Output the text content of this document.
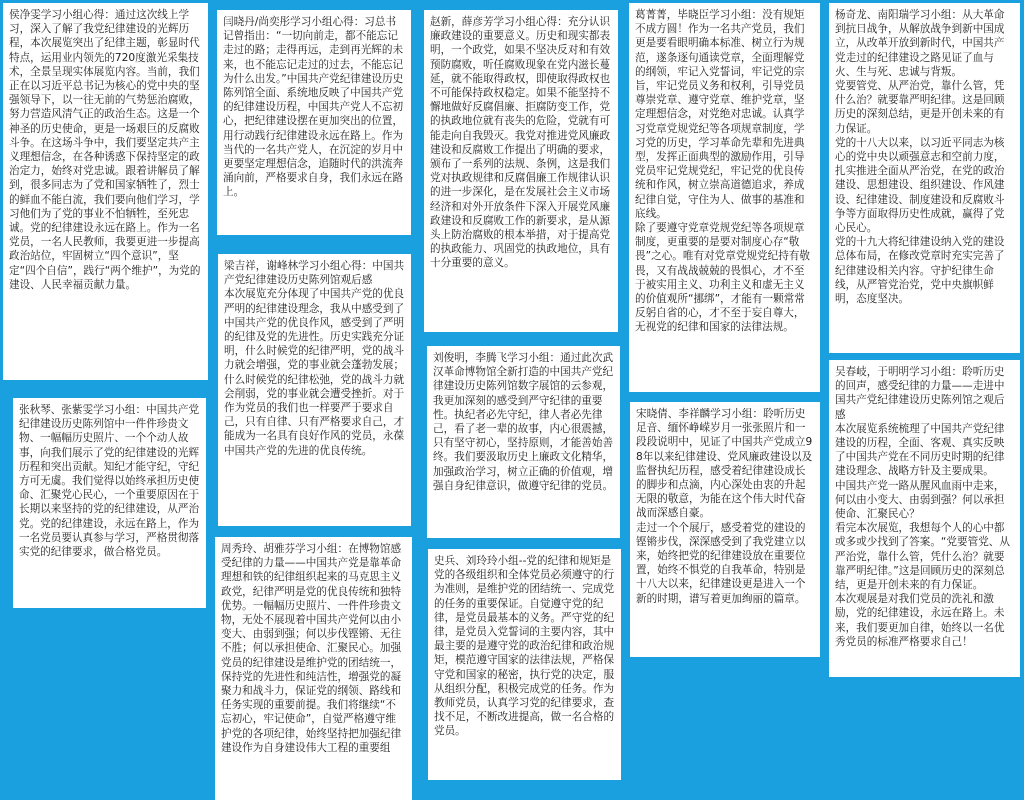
侯净雯学习小组心得：通过这次线上学习，深入了解了我党纪律建设的光辉历程，本次展览突出了纪律主题，彰显时代特点，运用业内领先的720度激光采集技术，全景呈现实体展览内容。当前，我们正在以习近平总书记为核心的党中央的坚强领导下，以一往无前的气势惩治腐败，努力营造风清气正的政治生态。这是一个神圣的历史使命，更是一场艰巨的反腐败斗争。在这场斗争中，我们要坚定共产主义理想信念，在各种诱惑下保持坚定的政治定力，始终对党忠诚。跟着讲解员了解到，很多同志为了党和国家牺牲了，烈士的鲜血不能白流，我们要向他们学习，学习他们为了党的事业不怕牺牲，至死忠诚。党的纪律建设永远在路上。作为一名党员，一名人民教师，我要更进一步提高政治站位，牢固树立“四个意识”，坚定“四个自信”，践行“两个维护”，为党的建设、人民幸福贡献力量。

张秋琴、张紫雯学习小组：中国共产党纪律建设历史陈列馆中一件件珍贵文物、一幅幅历史照片、一个个动人故事，向我们展示了党的纪律建设的光辉历程和突出贡献。知纪才能守纪，守纪方可无虞。我们觉得以始终承担历史使命、汇聚党心民心，一个重要原因在于长期以来坚持的党的纪律建设，从严治党。党的纪律建设，永远在路上，作为一名党员要认真参与学习，严格贯彻落实党的纪律要求，做合格党员。

闫晓丹/尚奕彤学习小组心得：习总书记曾指出：“一切向前走，都不能忘记走过的路；走得再远，走到再光辉的未来，也不能忘记走过的过去，不能忘记为什么出发。”中国共产党纪律建设历史陈列馆全面、系统地反映了中国共产党的纪律建设历程，中国共产党人不忘初心，把纪律建设摆在更加突出的位置，用行动践行纪律建设永远在路上。作为当代的一名共产党人，在沉淀的岁月中更要坚定理想信念，追随时代的洪流奔涌向前，严格要求自身，我们永远在路上。

梁吉祥，谢峰林学习小组心得：中国共产党纪律建设历史陈列馆观后感
本次展览充分体现了中国共产党的优良严明的纪律建设理念，我从中感受到了中国共产党的优良作风，感受到了严明的纪律及党的先进性。历史实践充分证明，什么时候党的纪律严明，党的战斗力就会增强，党的事业就会蓬勃发展；什么时候党的纪律松弛，党的战斗力就会削弱，党的事业就会遭受挫折。对于作为党员的我们也一样要严于要求自己，只有自律、只有严格要求自己，才能成为一名具有良好作风的党员，永葆中国共产党的先进的优良传统。

周秀玲、胡雅芬学习小组：在博物馆感受纪律的力量——中国共产党是靠革命理想和铁的纪律组织起来的马克思主义政党，纪律严明是党的优良传统和独特优势。一幅幅历史照片、一件件珍贵文物，无处不展现着中国共产党何以由小变大、由弱到强；何以步伐铿锵、无往不胜；何以承担使命、汇聚民心。加强党员的纪律建设是维护党的团结统一，保持党的先进性和纯洁性，增强党的凝聚力和战斗力，保证党的纲领、路线和任务实现的重要前提。我们将继续“不忘初心，牢记使命”，自觉严格遵守维护党的各项纪律，始终坚持把加强纪律建设作为自身建设伟大工程的重要组

赵新，薛彦芳学习小组心得：充分认识廉政建设的重要意义。历史和现实都表明，一个政党，如果不坚决反对和有效预防腐败，听任腐败现象在党内滋长蔓延，就不能取得政权，即使取得政权也不可能保持政权稳定。如果不能坚持不懈地做好反腐倡廉、拒腐防变工作，党的执政地位就有丧失的危险，党就有可能走向自我毁灭。我党对推进党风廉政建设和反腐败工作提出了明确的要求，颁布了一系列的法规、条例，这是我们党对执政规律和反腐倡廉工作规律认识的进一步深化，是在发展社会主义市场经济和对外开放条件下深入开展党风廉政建设和反腐败工作的新要求，是从源头上防治腐败的根本举措，对于提高党的执政能力、巩固党的执政地位，具有十分重要的意义。

刘俊明，李腾飞学习小组：通过此次武汉革命博物馆全新打造的中国共产党纪律建设历史陈列馆数字展馆的云参观，我更加深刻的感受到严守纪律的重要性。执纪者必先守纪，律人者必先律己，看了老一辈的故事，内心很震撼，只有坚守初心，坚持原则，才能善始善终。我们要汲取历史上廉政文化精华，加强政治学习，树立正确的价值观，增强自身纪律意识，做遵守纪律的党员。

史兵、刘玲玲小组--党的纪律和规矩是党的各级组织和全体党员必须遵守的行为准则，是维护党的团结统一、完成党的任务的重要保证。自觉遵守党的纪律，是党员最基本的义务。严守党的纪律，是党员入党誓词的主要内容，其中最主要的是遵守党的政治纪律和政治规矩，模范遵守国家的法律法规，严格保守党和国家的秘密，执行党的决定，服从组织分配，积极完成党的任务。作为教师党员，认真学习党的纪律要求，查找不足，不断改进提高，做一名合格的党员。

葛菁菁，毕晓臣学习小组：没有规矩不成方圆！作为一名共产党员，我们更是要看眼明确本标准、树立行为规范，遂条逐句通读党章，全面理解党的纲领，牢记入党誓词，牢记党的宗旨，牢记党员义务和权利，引导党员尊崇党章、遵守党章、维护党章，坚定理想信念，对党绝对忠诚。认真学习党章党规党纪等各项规章制度，学习党的历史，学习革命先辈和先进典型，发挥正面典型的激励作用，引导党员牢记党规党纪，牢记党的优良传统和作风，树立崇高道德追求，养成纪律自觉，守住为人、做事的基准和底线。
除了要遵守党章党规党纪等各项规章制度，更重要的是要对制度心存“敬畏”之心。唯有对党章党规党纪持有敬畏，又有战战兢兢的畏惧心，才不至于被实用主义、功利主义和虚无主义的价值观所“挪绑”，才能有一颗常常反躬自省的心，才不至于妄自尊大，无视党的纪律和国家的法律法规。

宋晓倩、李祥麟学习小组：聆听历史足音、缅怀峥嵘岁月一张张照片和一段段说明中，见证了中国共产党成立98年以来纪律建设、党风廉政建设以及监督执纪历程，感受着纪律建设成长的脚步和点滴，内心深处由衷的升起无限的敬意，为能在这个伟大时代奋战而深感自豪。
走过一个个展厅，感受着党的建设的铿锵步伐，深深感受到了我党建立以来，始终把党的纪律建设放在重要位置，始终不惧党的自我革命，特别是十八大以来，纪律建设更是进入一个新的时期，谱写着更加绚丽的篇章。

杨奇龙、南阳瑞学习小组：从大革命到抗日战争，从解放战争到新中国成立，从改革开放到新时代，中国共产党走过的纪律建设之路见证了血与火、生与死、忠诚与背叛。
党要管党、从严治党，靠什么管，凭什么治？就要靠严明纪律。这是回顾历史的深刻总结，更是开创未来的有力保证。
党的十八大以来，以习近平同志为核心的党中央以顽强意志和空前力度，扎实推进全面从严治党，在党的政治建设、思想建设、组织建设、作风建设、纪律建设、制度建设和反腐败斗争等方面取得历史性成就，赢得了党心民心。
党的十九大将纪律建设纳入党的建设总体布局，在修改党章时充实完善了纪律建设相关内容。守护纪律生命线，从严管党治党，党中央旗帜鲜明，态度坚决。

吴春岐，于明明学习小组：聆听历史的回声，感受纪律的力量——走进中国共产党纪律建设历史陈列馆之观后感
本次展览系统梳理了中国共产党纪律建设的历程，全面、客观、真实反映了中国共产党在不同历史时期的纪律建设理念、战略方针及主要成果。
中国共产党一路从腥风血雨中走来，何以由小变大、由弱到强？何以承担使命、汇聚民心？
看完本次展览，我想每个人的心中都或多或少找到了答案。“党要管党、从严治党，靠什么管，凭什么治？就要靠严明纪律。”这是回顾历史的深刻总结，更是开创未来的有力保证。
本次观展是对我们党员的洗礼和激励，党的纪律建设，永远在路上。未来，我们要更加自律，始终以一名优秀党员的标准严格要求自己！
